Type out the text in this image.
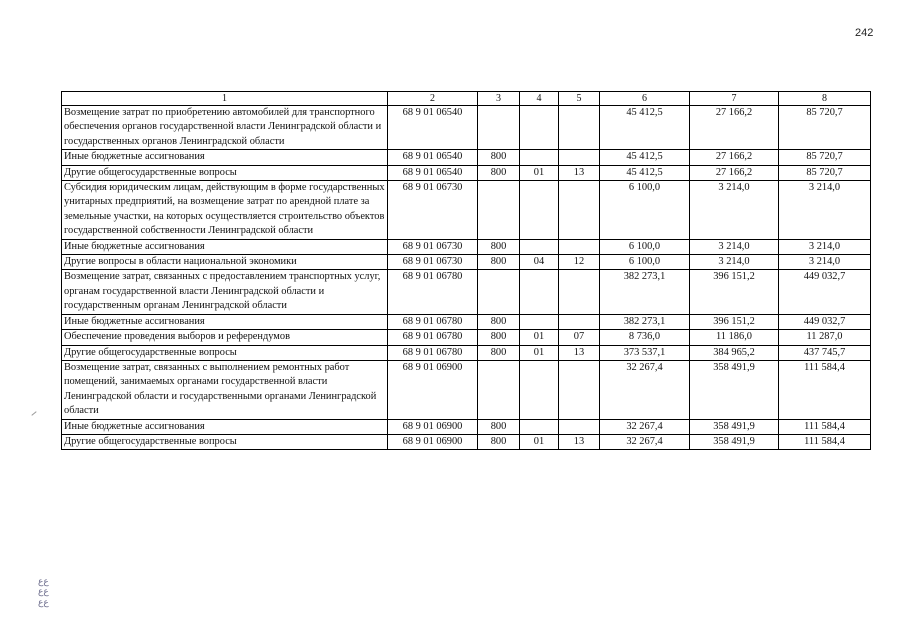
242
1	2	3	4	5	6	7	8
Возмещение затрат по приобретению автомобилей для транспортного обеспечения органов государственной власти Ленинградской области и государственных органов Ленинградской области	68 9 01 06540				45 412,5	27 166,2	85 720,7
Иные бюджетные ассигнования	68 9 01 06540	800			45 412,5	27 166,2	85 720,7
Другие общегосударственные вопросы	68 9 01 06540	800	01	13	45 412,5	27 166,2	85 720,7
Субсидия юридическим лицам, действующим в форме государственных унитарных предприятий, на возмещение затрат по арендной плате за земельные участки, на которых осуществляется строительство объектов государственной собственности Ленинградской области	68 9 01 06730				6 100,0	3 214,0	3 214,0
Иные бюджетные ассигнования	68 9 01 06730	800			6 100,0	3 214,0	3 214,0
Другие вопросы в области национальной экономики	68 9 01 06730	800	04	12	6 100,0	3 214,0	3 214,0
Возмещение затрат, связанных с предоставлением транспортных услуг, органам государственной власти Ленинградской области и государственным органам Ленинградской области	68 9 01 06780				382 273,1	396 151,2	449 032,7
Иные бюджетные ассигнования	68 9 01 06780	800			382 273,1	396 151,2	449 032,7
Обеспечение проведения выборов и референдумов	68 9 01 06780	800	01	07	8 736,0	11 186,0	11 287,0
Другие общегосударственные вопросы	68 9 01 06780	800	01	13	373 537,1	384 965,2	437 745,7
Возмещение затрат, связанных с выполнением ремонтных работ помещений, занимаемых органами государственной власти Ленинградской области и государственными органами Ленинградской области	68 9 01 06900				32 267,4	358 491,9	111 584,4
Иные бюджетные ассигнования	68 9 01 06900	800			32 267,4	358 491,9	111 584,4
Другие общегосударственные вопросы	68 9 01 06900	800	01	13	32 267,4	358 491,9	111 584,4
ﻉﻉ
ﻉﻉ
ﻉﻉ
